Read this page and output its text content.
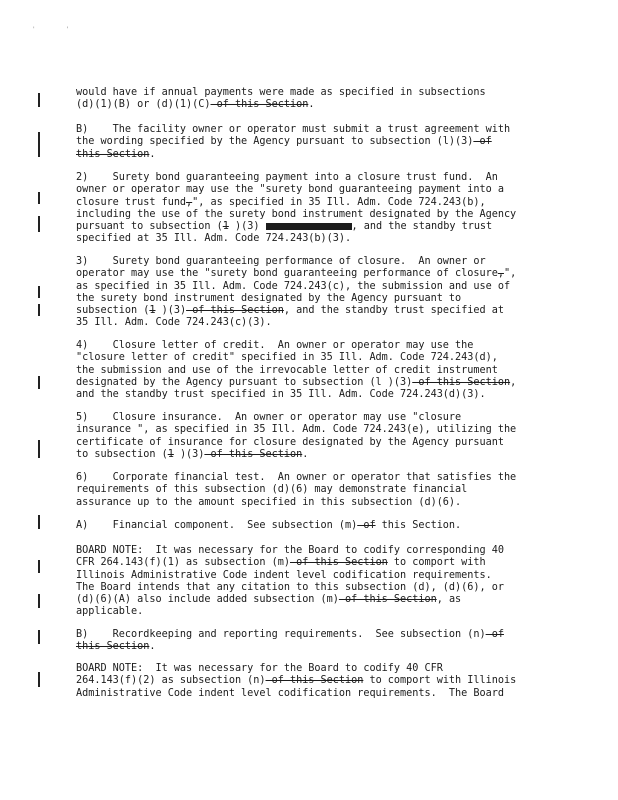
''
would have if annual payments were made as specified in subsections
(d)(1)(B) or (d)(1)(C) of this Section.
B)    The facility owner or operator must submit a trust agreement with
the wording specified by the Agency pursuant to subsection (l)(3) of
this Section.
2)    Surety bond guaranteeing payment into a closure trust fund.  An
owner or operator may use the "surety bond guaranteeing payment into a
closure trust fund,", as specified in 35 Ill. Adm. Code 724.243(b),
including the use of the surety bond instrument designated by the Agency
pursuant to subsection (1 )(3)	, and the standby trust
specified at 35 Ill. Adm. Code 724.243(b)(3).
3)    Surety bond guaranteeing performance of closure.  An owner or
operator may use the "surety bond guaranteeing performance of closure,",
as specified in 35 Ill. Adm. Code 724.243(c), the submission and use of
the surety bond instrument designated by the Agency pursuant to
subsection (1 )(3) of this Section, and the standby trust specified at
35 Ill. Adm. Code 724.243(c)(3).
4)    Closure letter of credit.  An owner or operator may use the
"closure letter of credit" specified in 35 Ill. Adm. Code 724.243(d),
the submission and use of the irrevocable letter of credit instrument
designated by the Agency pursuant to subsection (l )(3) of this Section,
and the standby trust specified in 35 Ill. Adm. Code 724.243(d)(3).
5)    Closure insurance.  An owner or operator may use "closure
insurance ", as specified in 35 Ill. Adm. Code 724.243(e), utilizing the
certificate of insurance for closure designated by the Agency pursuant
to subsection (1 )(3) of this Section.
6)    Corporate financial test.  An owner or operator that satisfies the
requirements of this subsection (d)(6) may demonstrate financial
assurance up to the amount specified in this subsection (d)(6).
A)    Financial component.  See subsection (m) of this Section.
BOARD NOTE:  It was necessary for the Board to codify corresponding 40
CFR 264.143(f)(1) as subsection (m) of this Section to comport with
Illinois Administrative Code indent level codification requirements.
The Board intends that any citation to this subsection (d), (d)(6), or
(d)(6)(A) also include added subsection (m) of this Section, as
applicable.
B)    Recordkeeping and reporting requirements.  See subsection (n) of
this Section.
BOARD NOTE:  It was necessary for the Board to codify 40 CFR
264.143(f)(2) as subsection (n) of this Section to comport with Illinois
Administrative Code indent level codification requirements.  The Board
